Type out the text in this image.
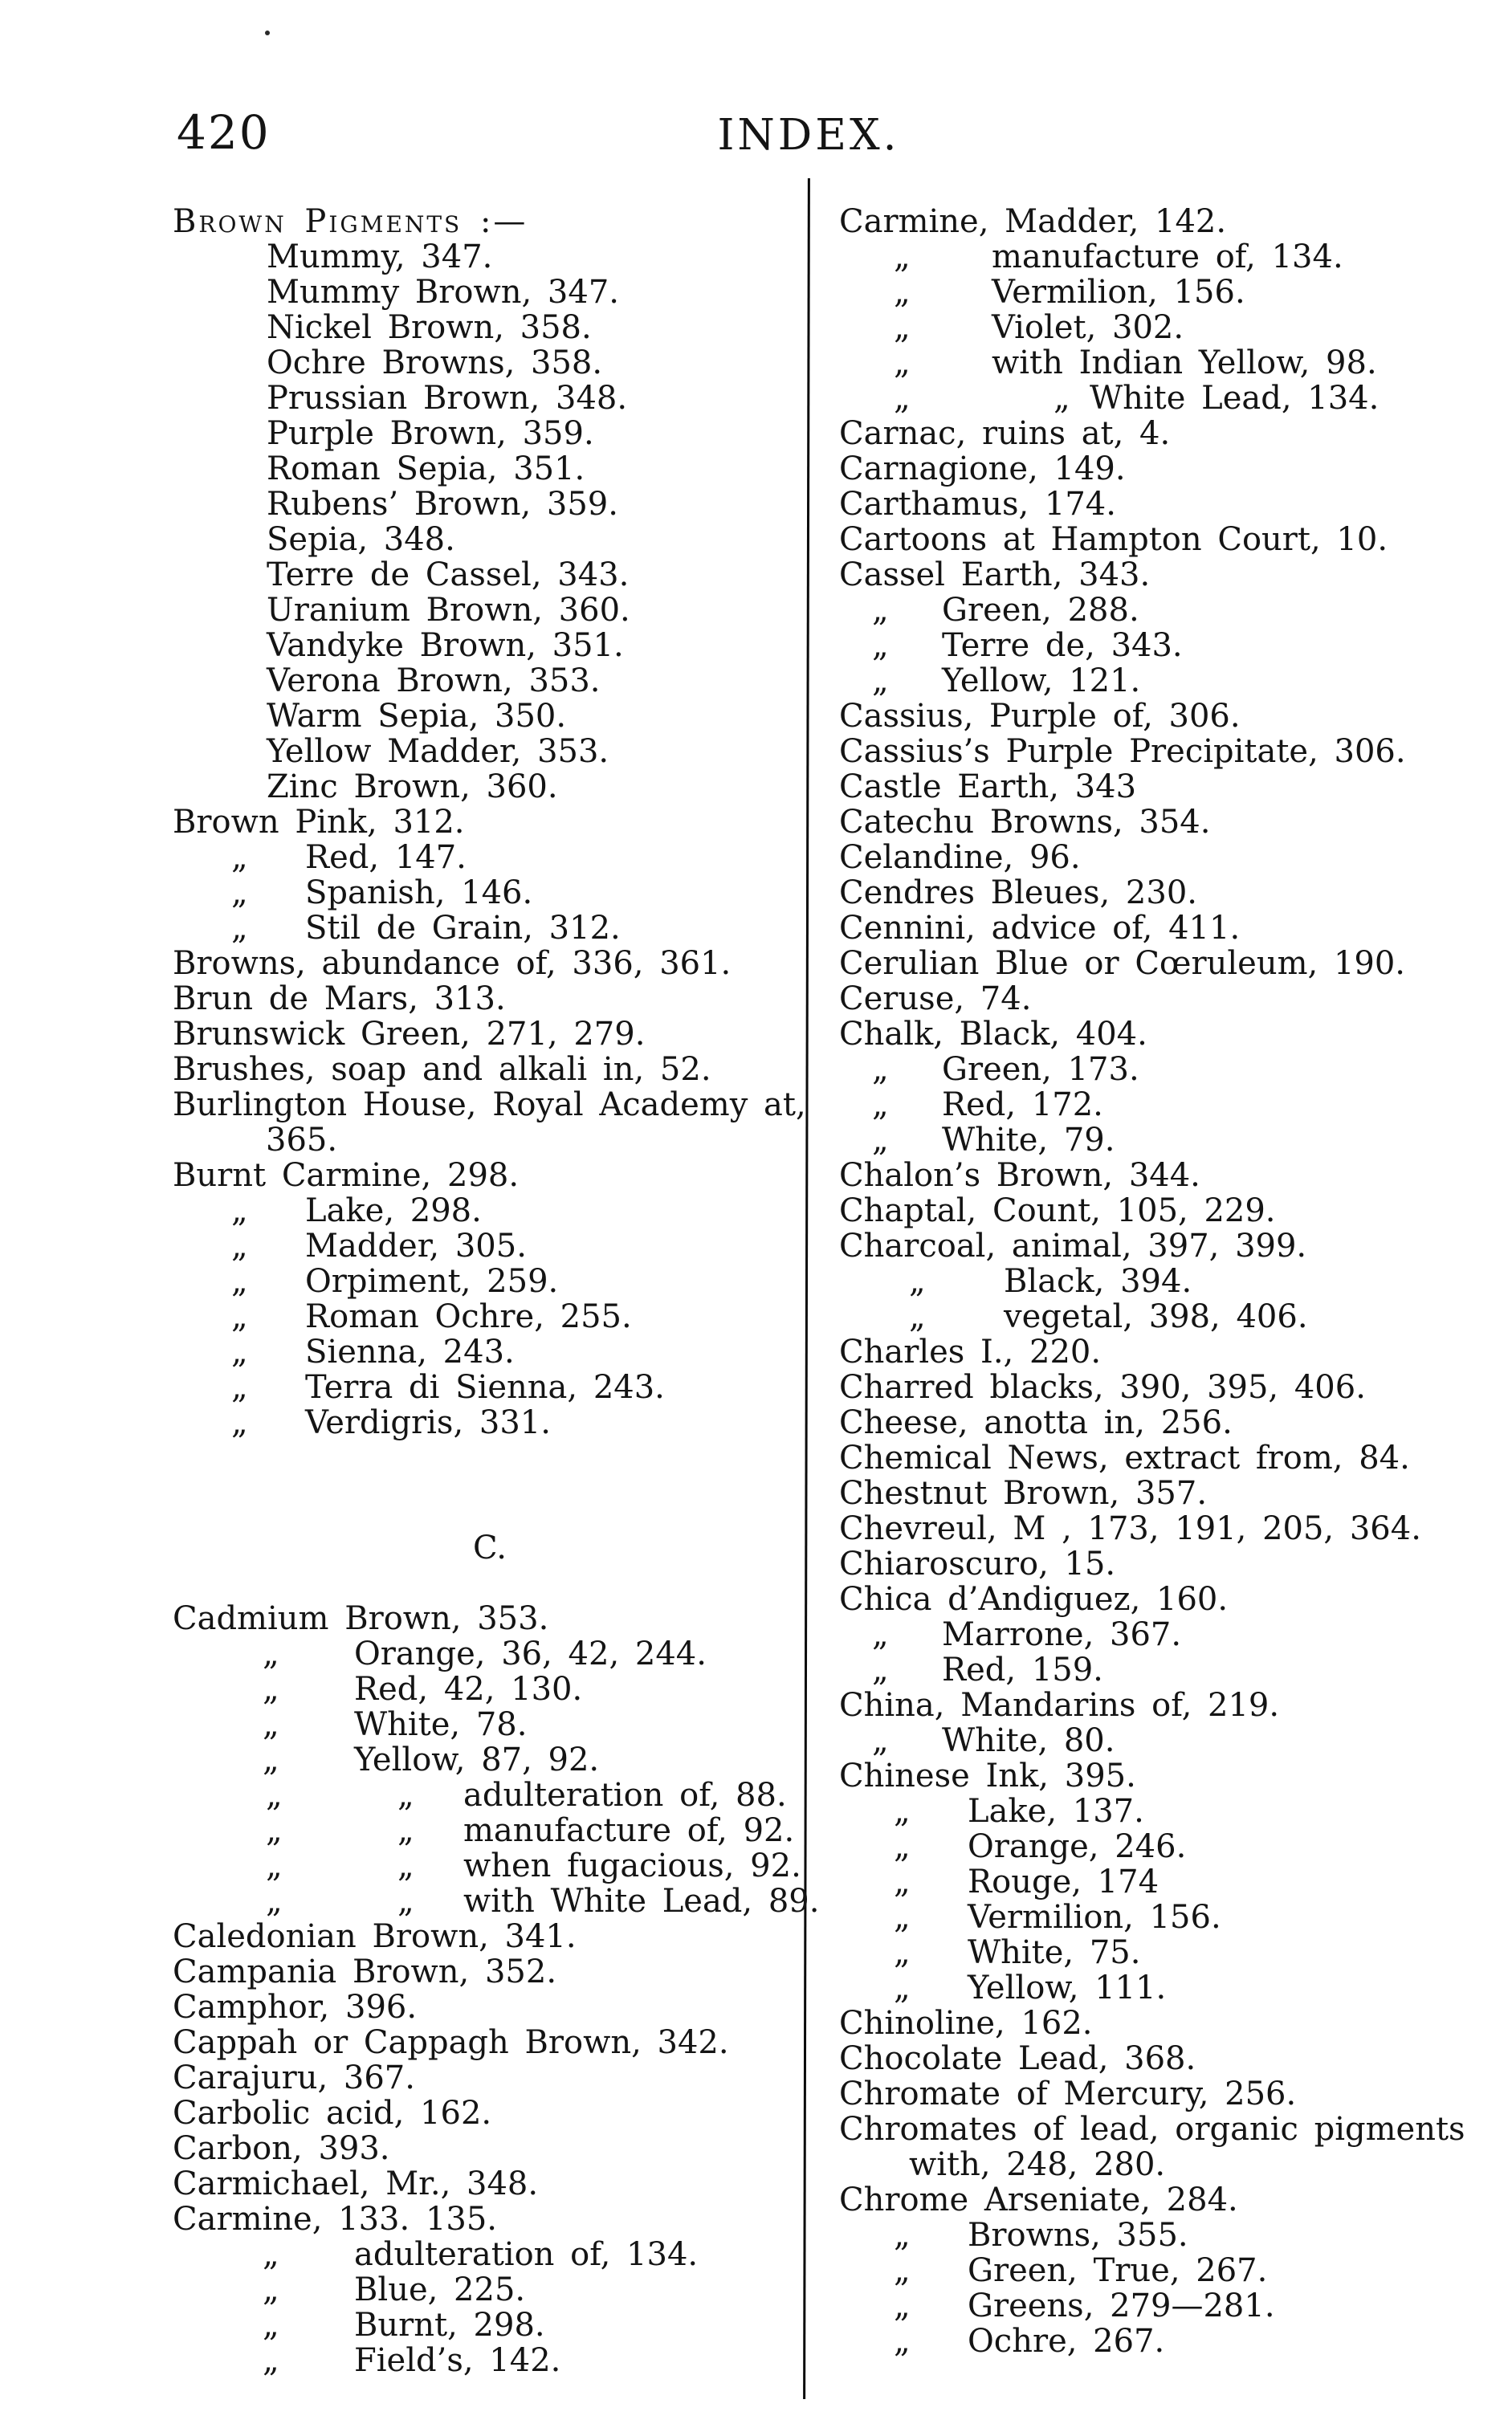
420	INDEX.
Brown Pigments :—
Mummy, 347.
Mummy Brown, 347.
Nickel Brown, 358.
Ochre Browns, 358.
Prussian Brown, 348.
Purple Brown, 359.
Roman Sepia, 351.
Rubens’ Brown, 359.
Sepia, 348.
Terre de Cassel, 343.
Uranium Brown, 360.
Vandyke Brown, 351.
Verona Brown, 353.
Warm Sepia, 350.
Yellow Madder, 353.
Zinc Brown, 360.
Brown Pink, 312.
„ Red, 147.
„ Spanish, 146.
„ Stil de Grain, 312.
Browns, abundance of, 336, 361.
Brun de Mars, 313.
Brunswick Green, 271, 279.
Brushes, soap and alkali in, 52.
Burlington House, Royal Academy at,
365.
Burnt Carmine, 298.
„ Lake, 298.
„ Madder, 305.
„ Orpiment, 259.
„ Roman Ochre, 255.
„ Sienna, 243.
„ Terra di Sienna, 243.
„ Verdigris, 331.
C.
Cadmium Brown, 353.
„ Orange, 36, 42, 244.
„ Red, 42, 130.
„ White, 78.
„ Yellow, 87, 92.
„	„ adulteration of, 88.
„	„ manufacture of, 92.
„	„ when fugacious, 92.
„	„ with White Lead, 89.
Caledonian Brown, 341.
Campania Brown, 352.
Camphor, 396.
Cappah or Cappagh Brown, 342.
Carajuru, 367.
Carbolic acid, 162.
Carbon, 393.
Carmichael, Mr., 348.
Carmine, 133. 135.
„ adulteration of, 134.
„ Blue, 225.
„ Burnt, 298.
„ Field’s, 142.
Carmine, Madder, 142.
„	manufacture of, 134.
„	Vermilion, 156.
„	Violet, 302.
„	with Indian Yellow, 98.
„	„ White Lead, 134.
Carnac, ruins at, 4.
Carnagione, 149.
Carthamus, 174.
Cartoons at Hampton Court, 10.
Cassel Earth, 343.
„ Green, 288.
„ Terre de, 343.
„ Yellow, 121.
Cassius, Purple of, 306.
Cassius’s Purple Precipitate, 306.
Castle Earth, 343
Catechu Browns, 354.
Celandine, 96.
Cendres Bleues, 230.
Cennini, advice of, 411.
Cerulian Blue or Cœruleum, 190.
Ceruse, 74.
Chalk, Black, 404.
„ Green, 173.
„ Red, 172.
„ White, 79.
Chalon’s Brown, 344.
Chaptal, Count, 105, 229.
Charcoal, animal, 397, 399.
„ Black, 394.
„ vegetal, 398, 406.
Charles I., 220.
Charred blacks, 390, 395, 406.
Cheese, anotta in, 256.
Chemical News, extract from, 84.
Chestnut Brown, 357.
Chevreul, M , 173, 191, 205, 364.
Chiaroscuro, 15.
Chica d’Andiguez, 160.
„ Marrone, 367.
„ Red, 159.
China, Mandarins of, 219.
„ White, 80.
Chinese Ink, 395.
„ Lake, 137.
„ Orange, 246.
„ Rouge, 174
„ Vermilion, 156.
„ White, 75.
„ Yellow, 111.
Chinoline, 162.
Chocolate Lead, 368.
Chromate of Mercury, 256.
Chromates of lead, organic pigments
with, 248, 280.
Chrome Arseniate, 284.
„ Browns, 355.
„ Green, True, 267.
„ Greens, 279—281.
„ Ochre, 267.
